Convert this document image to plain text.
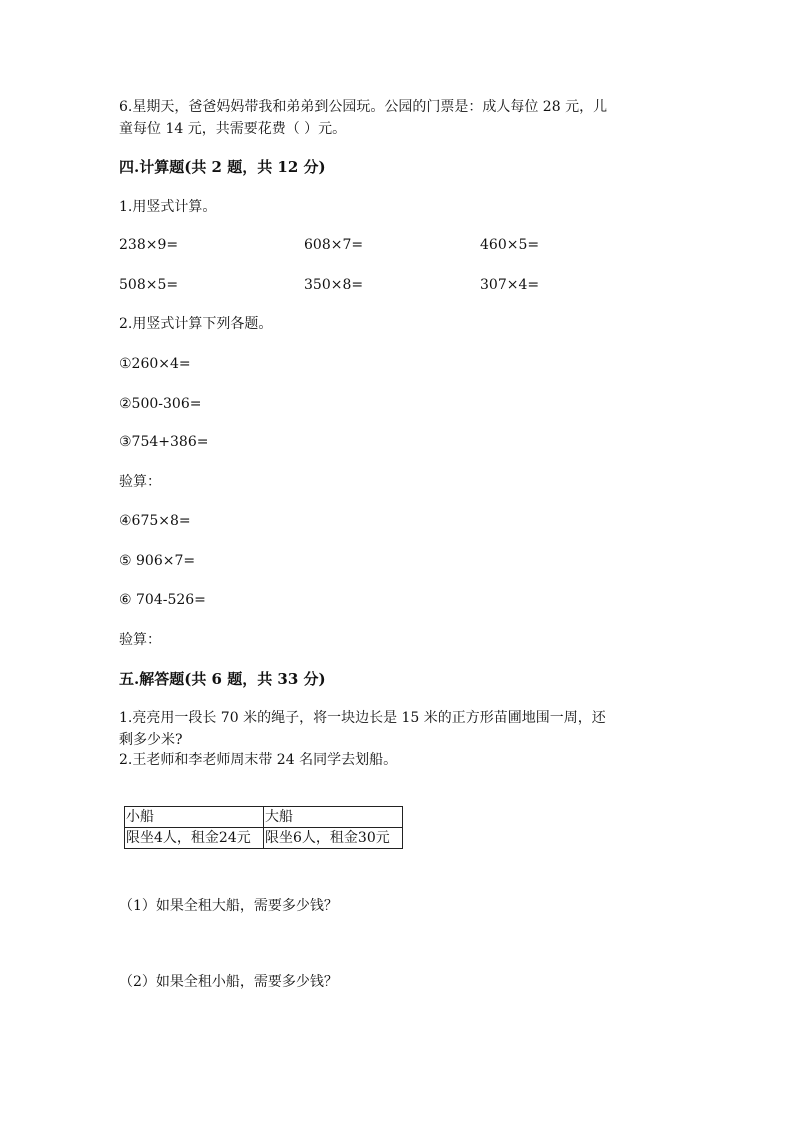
6.星期天，爸爸妈妈带我和弟弟到公园玩。公园的门票是：成人每位 28 元，儿
童每位 14 元，共需要花费（ ）元。
四.计算题(共 2 题，共 12 分)
1.用竖式计算。
238×9=	608×7=	460×5=
508×5=	350×8=	307×4=
2.用竖式计算下列各题。
①260×4=
②500-306=
③754+386=
验算：
④675×8=
⑤ 906×7=
⑥ 704-526=
验算：
五.解答题(共 6 题，共 33 分)
1.亮亮用一段长 70 米的绳子，将一块边长是 15 米的正方形苗圃地围一周，还
剩多少米?
2.王老师和李老师周末带 24 名同学去划船。
小船	大船
限坐4人，租金24元	限坐6人，租金30元
（1）如果全租大船，需要多少钱？
（2）如果全租小船，需要多少钱？
